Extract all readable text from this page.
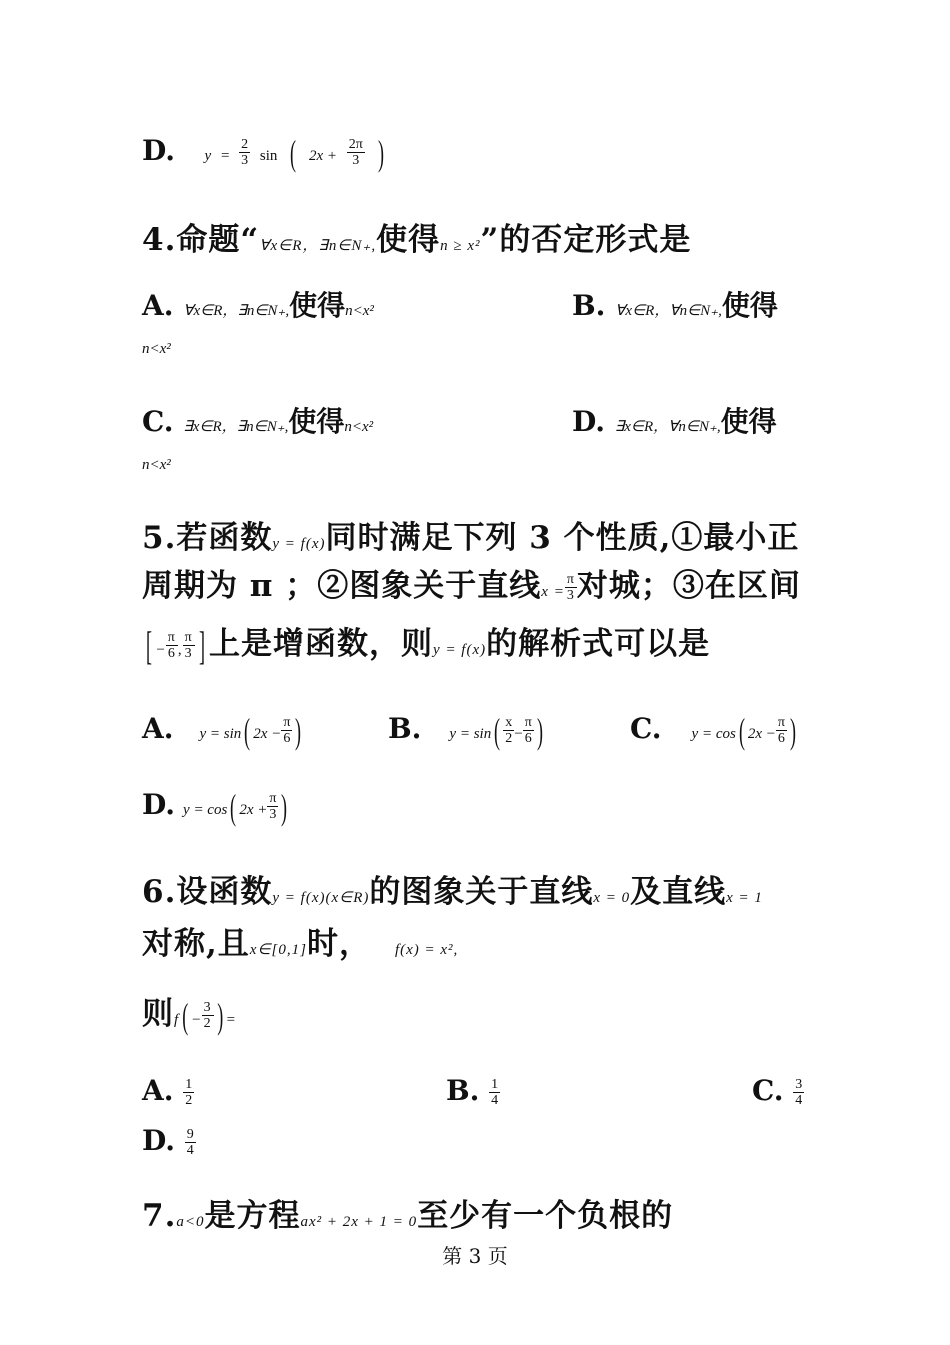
D. $y = \frac{2}{3}$ sin ( $2x + \frac{2\pi}{3}$ )
4.命题“∀x∈R，∃n∈N₊,使得n ≥ x²”的否定形式是
A. ∀x∈R，∃n∈N₊,使得n<x²	B. ∀x∈R，∀n∈N₊,使得
n<x²
C. ∃x∈R，∃n∈N₊,使得n<x²	D. ∃x∈R，∀n∈N₊,使得
n<x²
5.若函数y = f(x)同时满足下列 3 个性质,①最小正
周期为 π ；②图象关于直线$x = \frac{\pi}{3}$ 对城；③在区间
[ − $\frac{\pi}{6}$ , $\frac{\pi}{3}$ ] 上是增函数，则y = f(x)的解析式可以是
A. y = sin( $2x - \frac{\pi}{6}$ )	B. $y = \sin( \frac{x}{2} - \frac{\pi}{6}$ )	C. y = cos( $2x - \frac{\pi}{6}$ )
D. y = cos( $2x + \frac{\pi}{3}$ )
6.设函数y = f(x)(x∈R)的图象关于直线x = 0及直线x = 1
对称,且x∈[0,1]时， f(x) = x²,
则$f( - \frac{3}{2}$ ) =
A. $\frac{1}{2}$	B. $\frac{1}{4}$	C. $\frac{3}{4}$
D. $\frac{9}{4}$
7.a<0是方程ax² + 2x + 1 = 0至少有一个负根的
第 3 页
